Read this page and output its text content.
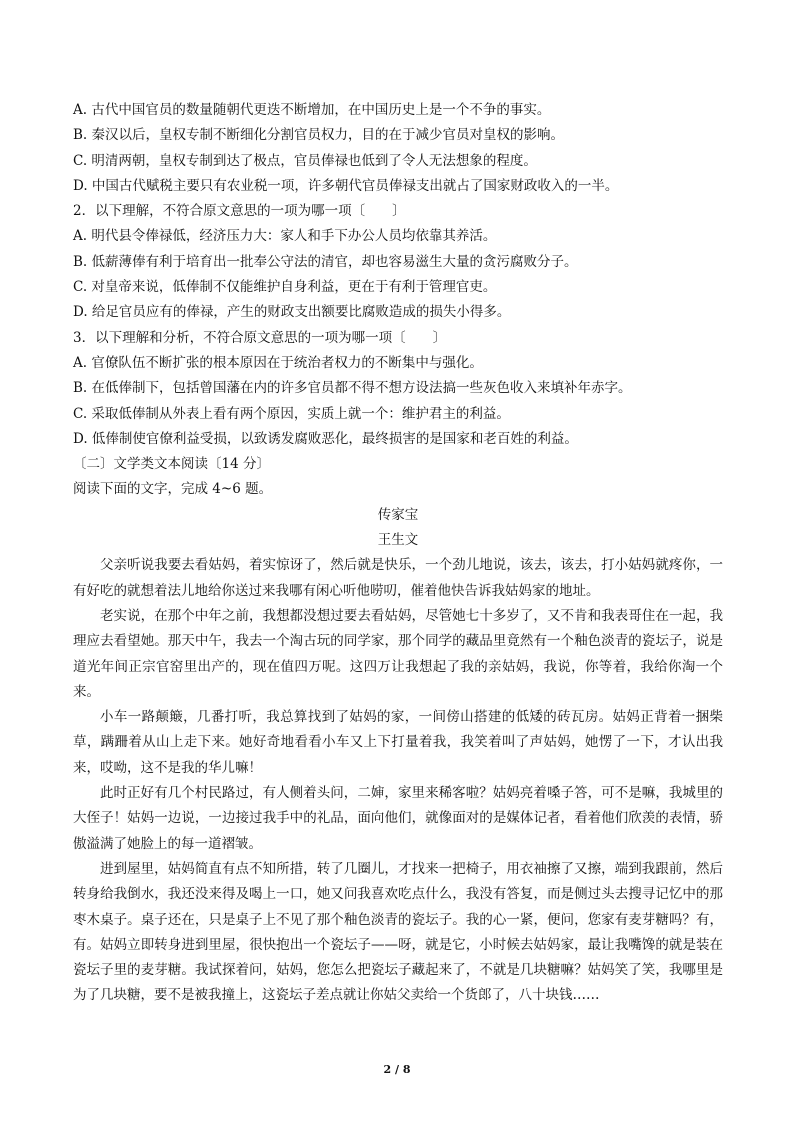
A. 古代中国官员的数量随朝代更迭不断增加，在中国历史上是一个不争的事实。

B. 秦汉以后，皇权专制不断细化分割官员权力，目的在于减少官员对皇权的影响。

C. 明清两朝，皇权专制到达了极点，官员俸禄也低到了令人无法想象的程度。

D. 中国古代赋税主要只有农业税一项，许多朝代官员俸禄支出就占了国家财政收入的一半。

2．以下理解，不符合原文意思的一项为哪一项〔　　〕

A. 明代县令俸禄低，经济压力大：家人和手下办公人员均依靠其养活。

B. 低薪薄俸有利于培育出一批奉公守法的清官，却也容易滋生大量的贪污腐败分子。

C. 对皇帝来说，低俸制不仅能维护自身利益，更在于有利于管理官吏。

D. 给足官员应有的俸禄，产生的财政支出额要比腐败造成的损失小得多。

3．以下理解和分析，不符合原文意思的一项为哪一项〔　　〕

A. 官僚队伍不断扩张的根本原因在于统治者权力的不断集中与强化。

B. 在低俸制下，包括曾国藩在内的许多官员都不得不想方设法搞一些灰色收入来填补年赤字。

C. 采取低俸制从外表上看有两个原因，实质上就一个：维护君主的利益。

D. 低俸制使官僚利益受损，以致诱发腐败恶化，最终损害的是国家和老百姓的利益。

〔二〕文学类文本阅读〔14 分〕

阅读下面的文字，完成 4~6 题。

传家宝

王生文

父亲听说我要去看姑妈，着实惊讶了，然后就是快乐，一个劲儿地说，该去，该去，打小姑妈就疼你，一有好吃的就想着法儿地给你送过来我哪有闲心听他唠叨，催着他快告诉我姑妈家的地址。

老实说，在那个中年之前，我想都没想过要去看姑妈，尽管她七十多岁了，又不肯和我表哥住在一起，我理应去看望她。那天中午，我去一个淘古玩的同学家，那个同学的藏品里竟然有一个釉色淡青的瓷坛子，说是道光年间正宗官窑里出产的，现在值四万呢。这四万让我想起了我的亲姑妈，我说，你等着，我给你淘一个来。

小车一路颠簸，几番打听，我总算找到了姑妈的家，一间傍山搭建的低矮的砖瓦房。姑妈正背着一捆柴草，蹒跚着从山上走下来。她好奇地看看小车又上下打量着我，我笑着叫了声姑妈，她愣了一下，才认出我来，哎呦，这不是我的华儿嘛！

此时正好有几个村民路过，有人侧着头问，二婶，家里来稀客啦？姑妈亮着嗓子答，可不是嘛，我城里的大侄子！姑妈一边说，一边接过我手中的礼品，面向他们，就像面对的是媒体记者，看着他们欣羡的表情，骄傲溢满了她脸上的每一道褶皱。

进到屋里，姑妈简直有点不知所措，转了几圈儿，才找来一把椅子，用衣袖擦了又擦，端到我跟前，然后转身给我倒水，我还没来得及喝上一口，她又问我喜欢吃点什么，我没有答复，而是侧过头去搜寻记忆中的那枣木桌子。桌子还在，只是桌子上不见了那个釉色淡青的瓷坛子。我的心一紧，便问，您家有麦芽糖吗？有，有。姑妈立即转身进到里屋，很快抱出一个瓷坛子——呀，就是它，小时候去姑妈家，最让我嘴馋的就是装在瓷坛子里的麦芽糖。我试探着问，姑妈，您怎么把瓷坛子藏起来了，不就是几块糖嘛？姑妈笑了笑，我哪里是为了几块糖，要不是被我撞上，这瓷坛子差点就让你姑父卖给一个货郎了，八十块钱……

2 / 8
